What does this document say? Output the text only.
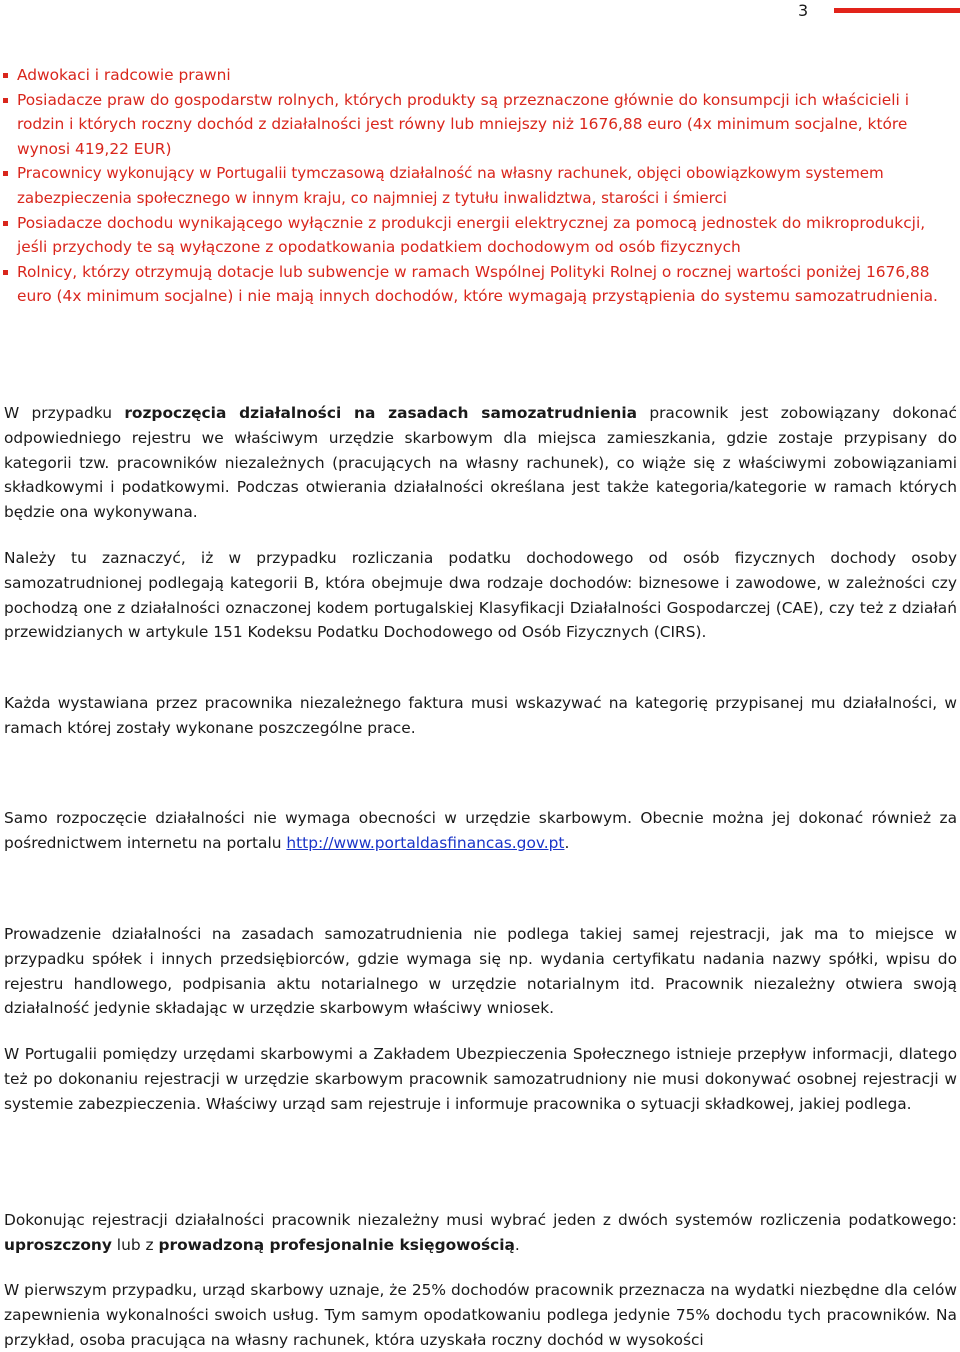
3
Adwokaci i radcowie prawni
Posiadacze praw do gospodarstw rolnych, których produkty są przeznaczone głównie do konsumpcji ich właścicieli i rodzin i których roczny dochód z działalności jest równy lub mniejszy niż 1676,88 euro (4x minimum socjalne, które wynosi 419,22 EUR)
Pracownicy wykonujący w Portugalii tymczasową działalność na własny rachunek, objęci obowiązkowym systemem zabezpieczenia społecznego w innym kraju, co najmniej z tytułu inwalidztwa, starości i śmierci
Posiadacze dochodu wynikającego wyłącznie z produkcji energii elektrycznej za pomocą jednostek do mikroprodukcji, jeśli przychody te są wyłączone z opodatkowania podatkiem dochodowym od osób fizycznych
Rolnicy, którzy otrzymują dotacje lub subwencje w ramach Wspólnej Polityki Rolnej o rocznej wartości poniżej 1676,88 euro (4x minimum socjalne) i nie mają innych dochodów, które wymagają przystąpienia do systemu samozatrudnienia.

W przypadku rozpoczęcia działalności na zasadach samozatrudnienia pracownik jest zobowiązany dokonać odpowiedniego rejestru we właściwym urzędzie skarbowym dla miejsca zamieszkania, gdzie zostaje przypisany do kategorii tzw. pracowników niezależnych (pracujących na własny rachunek), co wiąże się z właściwymi zobowiązaniami składkowymi i podatkowymi. Podczas otwierania działalności określana jest także kategoria/kategorie w ramach których będzie ona wykonywana.

Należy tu zaznaczyć, iż w przypadku rozliczania podatku dochodowego od osób fizycznych dochody osoby samozatrudnionej podlegają kategorii B, która obejmuje dwa rodzaje dochodów: biznesowe i zawodowe, w zależności czy pochodzą one z działalności oznaczonej kodem portugalskiej Klasyfikacji Działalności Gospodarczej (CAE), czy też z działań przewidzianych w artykule 151 Kodeksu Podatku Dochodowego od Osób Fizycznych (CIRS).

Każda wystawiana przez pracownika niezależnego faktura musi wskazywać na kategorię przypisanej mu działalności, w ramach której zostały wykonane poszczególne prace.

Samo rozpoczęcie działalności nie wymaga obecności w urzędzie skarbowym. Obecnie można jej dokonać również za pośrednictwem internetu na portalu http://www.portaldasfinancas.gov.pt.

Prowadzenie działalności na zasadach samozatrudnienia nie podlega takiej samej rejestracji, jak ma to miejsce w przypadku spółek i innych przedsiębiorców, gdzie wymaga się np. wydania certyfikatu nadania nazwy spółki, wpisu do rejestru handlowego, podpisania aktu notarialnego w urzędzie notarialnym itd. Pracownik niezależny otwiera swoją działalność jedynie składając w urzędzie skarbowym właściwy wniosek.

W Portugalii pomiędzy urzędami skarbowymi a Zakładem Ubezpieczenia Społecznego istnieje przepływ informacji, dlatego też po dokonaniu rejestracji w urzędzie skarbowym pracownik samozatrudniony nie musi dokonywać osobnej rejestracji w systemie zabezpieczenia. Właściwy urząd sam rejestruje i informuje pracownika o sytuacji składkowej, jakiej podlega.

Dokonując rejestracji działalności pracownik niezależny musi wybrać jeden z dwóch systemów rozliczenia podatkowego: uproszczony lub z prowadzoną profesjonalnie księgowością.

W pierwszym przypadku, urząd skarbowy uznaje, że 25% dochodów pracownik przeznacza na wydatki niezbędne dla celów zapewnienia wykonalności swoich usług. Tym samym opodatkowaniu podlega jedynie 75% dochodu tych pracowników. Na przykład, osoba pracująca na własny rachunek, która uzyskała roczny dochód w wysokości
